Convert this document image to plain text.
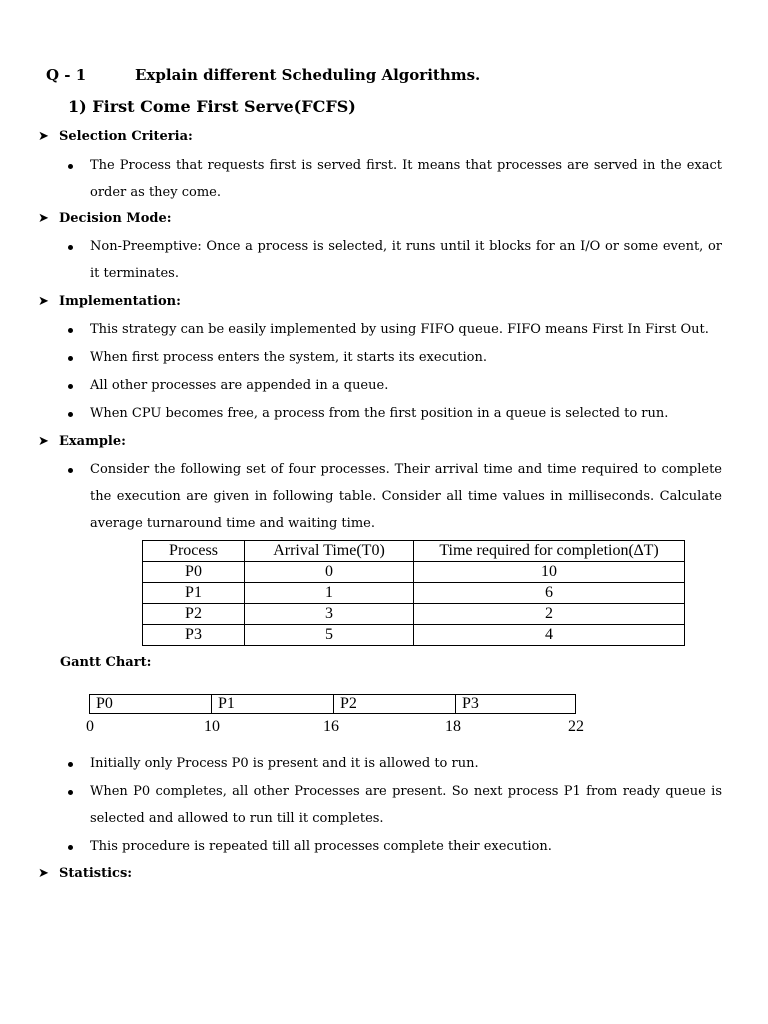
Q - 1	Explain different Scheduling Algorithms.
1) First Come First Serve(FCFS)
➤ Selection Criteria:
The Process that requests first is served first. It means that processes are served in the exact order as they come.
➤ Decision Mode:
Non-Preemptive: Once a process is selected, it runs until it blocks for an I/O or some event, or it terminates.
➤ Implementation:
This strategy can be easily implemented by using FIFO queue. FIFO means First In First Out.
When first process enters the system, it starts its execution.
All other processes are appended in a queue.
When CPU becomes free, a process from the first position in a queue is selected to run.
➤ Example:
Consider the following set of four processes. Their arrival time and time required to complete the execution are given in following table. Consider all time values in milliseconds. Calculate average turnaround time and waiting time.
Process	Arrival Time(T0)	Time required for completion(∆T)
P0	0	10
P1	1	6
P2	3	2
P3	5	4
Gantt Chart:
P0	P1	P2	P3
0	10	16	18	22
Initially only Process P0 is present and it is allowed to run.
When P0 completes, all other Processes are present. So next process P1 from ready queue is selected and allowed to run till it completes.
This procedure is repeated till all processes complete their execution.
➤ Statistics:
